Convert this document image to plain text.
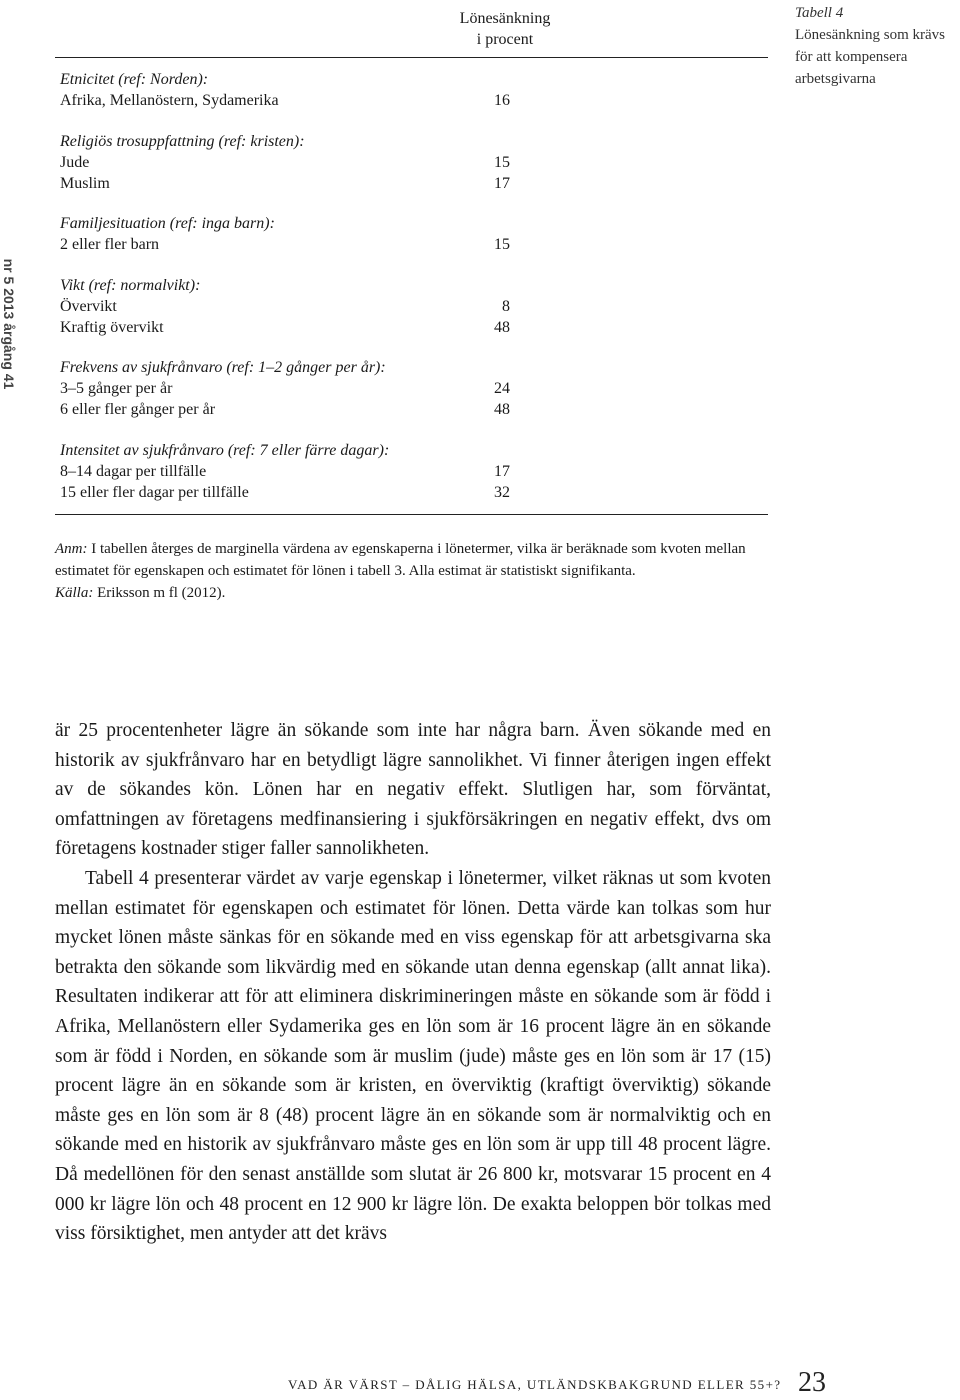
nr 5 2013 årgång 41
Lönesänkning
i procent
Etnicitet (ref: Norden):
Afrika, Mellanöstern, Sydamerika	16
Religiös trosuppfattning (ref: kristen):
Jude	15
Muslim	17
Familjesituation (ref: inga barn):
2 eller fler barn	15
Vikt (ref: normalvikt):
Övervikt	8
Kraftig övervikt	48
Frekvens av sjukfrånvaro (ref: 1–2 gånger per år):
3–5 gånger per år	24
6 eller fler gånger per år	48
Intensitet av sjukfrånvaro (ref: 7 eller färre dagar):
8–14 dagar per tillfälle	17
15 eller fler dagar per tillfälle	32
Tabell 4
Lönesänkning som krävs för att kompensera arbetsgivarna

Anm: I tabellen återges de marginella värdena av egenskaperna i lönetermer, vilka är beräknade som kvoten mellan estimatet för egenskapen och estimatet för lönen i tabell 3. Alla estimat är statistiskt signifikanta.

Källa: Eriksson m fl (2012).

är 25 procentenheter lägre än sökande som inte har några barn. Även sökande med en historik av sjukfrånvaro har en betydligt lägre sannolikhet. Vi finner återigen ingen effekt av de sökandes kön. Lönen har en negativ effekt. Slutligen har, som förväntat, omfattningen av företagens medfinansiering i sjukförsäkringen en negativ effekt, dvs om företagens kostnader stiger faller sannolikheten.

Tabell 4 presenterar värdet av varje egenskap i lönetermer, vilket räknas ut som kvoten mellan estimatet för egenskapen och estimatet för lönen. Detta värde kan tolkas som hur mycket lönen måste sänkas för en sökande med en viss egenskap för att arbetsgivarna ska betrakta den sökande som likvärdig med en sökande utan denna egenskap (allt annat lika). Resultaten indikerar att för att eliminera diskrimineringen måste en sökande som är född i Afrika, Mellanöstern eller Sydamerika ges en lön som är 16 procent lägre än en sökande som är född i Norden, en sökande som är muslim (jude) måste ges en lön som är 17 (15) procent lägre än en sökande som är kristen, en överviktig (kraftigt överviktig) sökande måste ges en lön som är 8 (48) procent lägre än en sökande som är normalviktig och en sökande med en historik av sjukfrånvaro måste ges en lön som är upp till 48 procent lägre. Då medellönen för den senast anställde som slutat är 26 800 kr, motsvarar 15 procent en 4 000 kr lägre lön och 48 procent en 12 900 kr lägre lön. De exakta beloppen bör tolkas med viss försiktighet, men antyder att det krävs

VAD ÄR VÄRST – DÅLIG HÄLSA, UTLÄNDSKBAKGRUND ELLER 55+? 23
